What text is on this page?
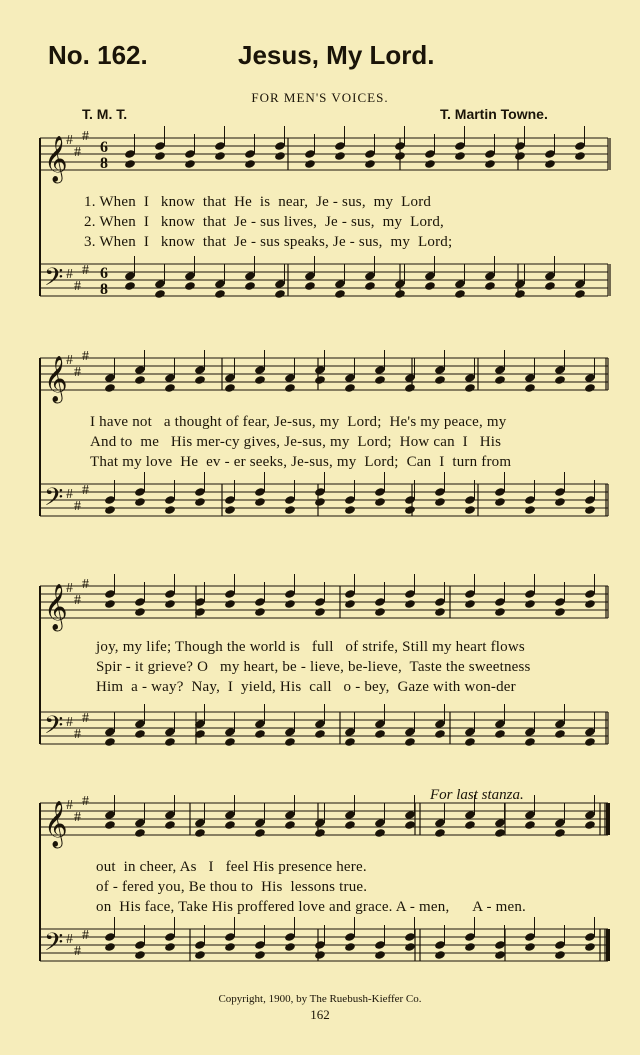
No. 162.	Jesus, My Lord.
FOR MEN'S VOICES.
T. M. T.	T. Martin Towne.
𝄞
#
#
#
6
8
𝄢 #
#
# 6
8
1. When  I   know  that  He  is  near,  Je - sus,  my  Lord
2. When  I   know  that  Je - sus lives,  Je - sus,  my  Lord,
3. When  I   know  that  Je - sus speaks, Je - sus,  my  Lord;
𝄞
#
#
#
𝄢 #
#
#
I have not   a thought of fear, Je-sus, my  Lord;  He's my peace, my
And to  me   His mer-cy gives, Je-sus, my  Lord;  How can  I   His
That my love  He  ev - er seeks, Je-sus, my  Lord;  Can  I  turn from
𝄞
#
#
#
𝄢 #
#
#
joy, my life; Though the world is   full   of strife, Still my heart flows
Spir - it grieve? O   my heart, be - lieve, be-lieve,  Taste the sweetness
Him  a - way?  Nay,  I  yield, His  call   o - bey,  Gaze with won-der
For last stanza.
𝄞
#
#
#
𝄢 #
#
#
out  in cheer, As   I   feel His presence here.
of - fered you, Be thou to  His  lessons true.
on  His face, Take His proffered love and grace. A - men,      A - men.
Copyright, 1900, by The Ruebush-Kieffer Co.
162
